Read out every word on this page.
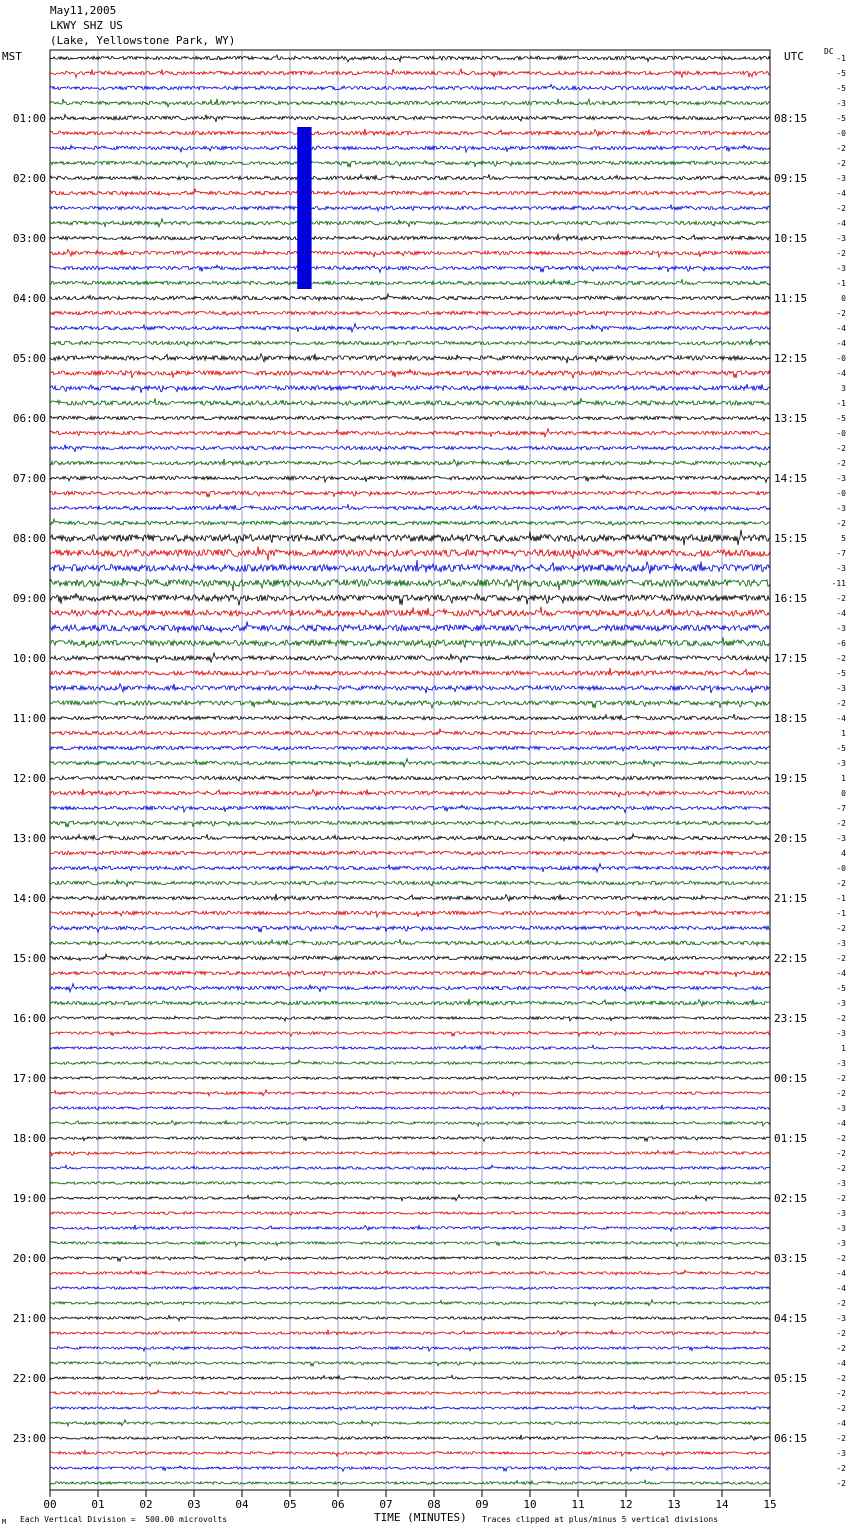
May11,2005
LKWY SHZ US
(Lake, Yellowstone Park, WY)
MST	UTC	DC
01:00
02:00
03:00
04:00
05:00
06:00
07:00
08:00
09:00
10:00
11:00
12:00
13:00
14:00
15:00
16:00
17:00
18:00
19:00
20:00
21:00
22:00
23:00
08:15
09:15
10:15
11:15
12:15
13:15
14:15
15:15
16:15
17:15
18:15
19:15
20:15
21:15
22:15
23:15
00:15
01:15
02:15
03:15
04:15
05:15
06:15
-1
-5
-5
-3
-5
-0
-2
-2
-3
-4
-2
-4
-3
-2
-3
-1
0
-2
-4
-4
-0
-4
3
-1
-5
-0
-2
-2
-3
-0
-3
-2
5
-7
-3
-11
-2
-4
-3
-6
-2
-5
-3
-2
-4
1
-5
-3
1
0
-7
-2
-3
4
-0
-2
-1
-1
-2
-3
-2
-4
-5
-3
-2
-3
1
-3
-2
-2
-3
-4
-2
-2
-2
-3
-2
-3
-3
-3
-2
-4
-4
-2
-3
-2
-2
-4
-2
-2
-2
-4
-2
-3
-2
-2
00	01	02	03	04	05	06	07	08	09	10	11	12	13	14	15
M Each Vertical Division =  500.00 microvolts	TIME (MINUTES) Traces clipped at plus/minus 5 vertical divisions
